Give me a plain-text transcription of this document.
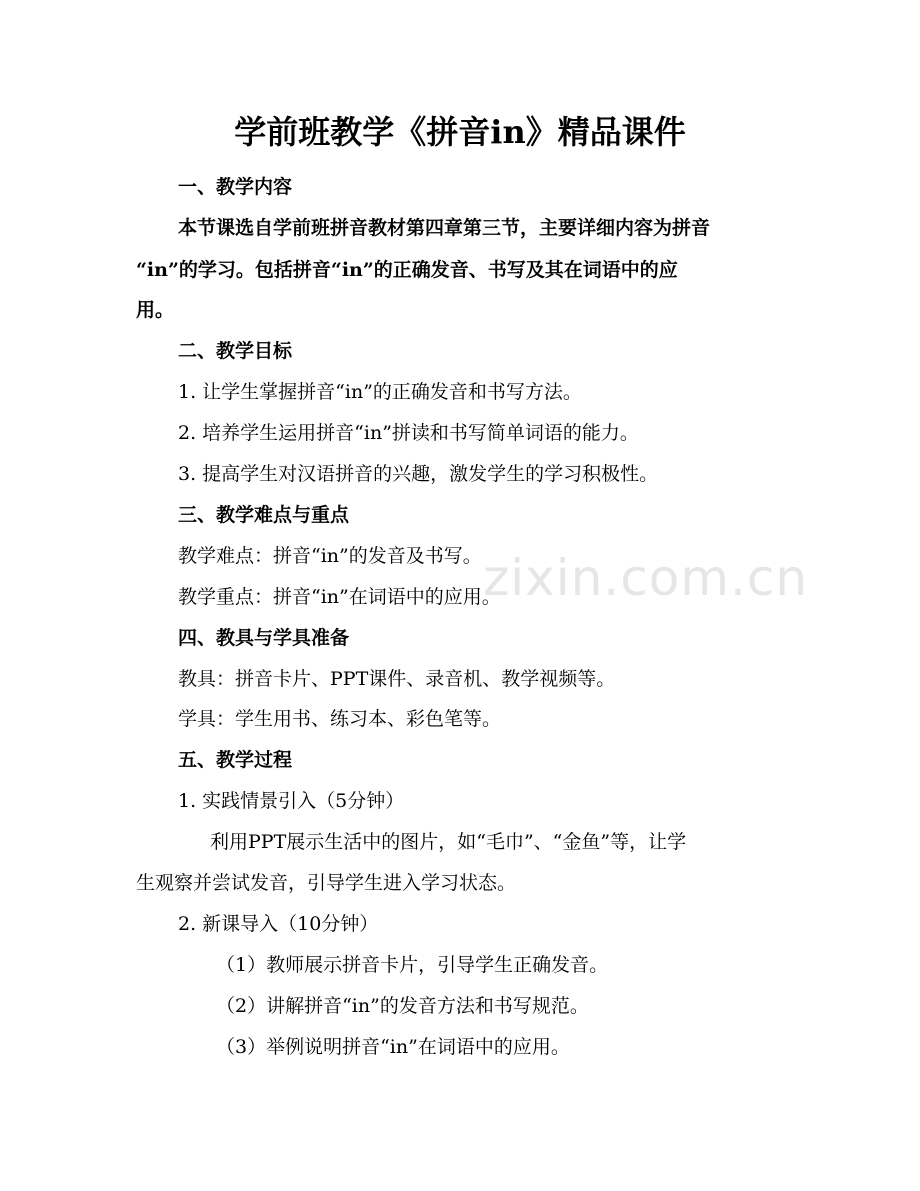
zixin.com.cn
学前班教学《拼音in》精品课件

一、教学内容

本节课选自学前班拼音教材第四章第三节，主要详细内容为拼音

“in”的学习。包括拼音“in”的正确发音、书写及其在词语中的应

用。

二、教学目标

1. 让学生掌握拼音“in”的正确发音和书写方法。

2. 培养学生运用拼音“in”拼读和书写简单词语的能力。

3. 提高学生对汉语拼音的兴趣，激发学生的学习积极性。

三、教学难点与重点

教学难点：拼音“in”的发音及书写。

教学重点：拼音“in”在词语中的应用。

四、教具与学具准备

教具：拼音卡片、PPT课件、录音机、教学视频等。

学具：学生用书、练习本、彩色笔等。

五、教学过程

1. 实践情景引入（5分钟）

利用PPT展示生活中的图片，如“毛巾”、“金鱼”等，让学

生观察并尝试发音，引导学生进入学习状态。

2. 新课导入（10分钟）

（1）教师展示拼音卡片，引导学生正确发音。

（2）讲解拼音“in”的发音方法和书写规范。

（3）举例说明拼音“in”在词语中的应用。
